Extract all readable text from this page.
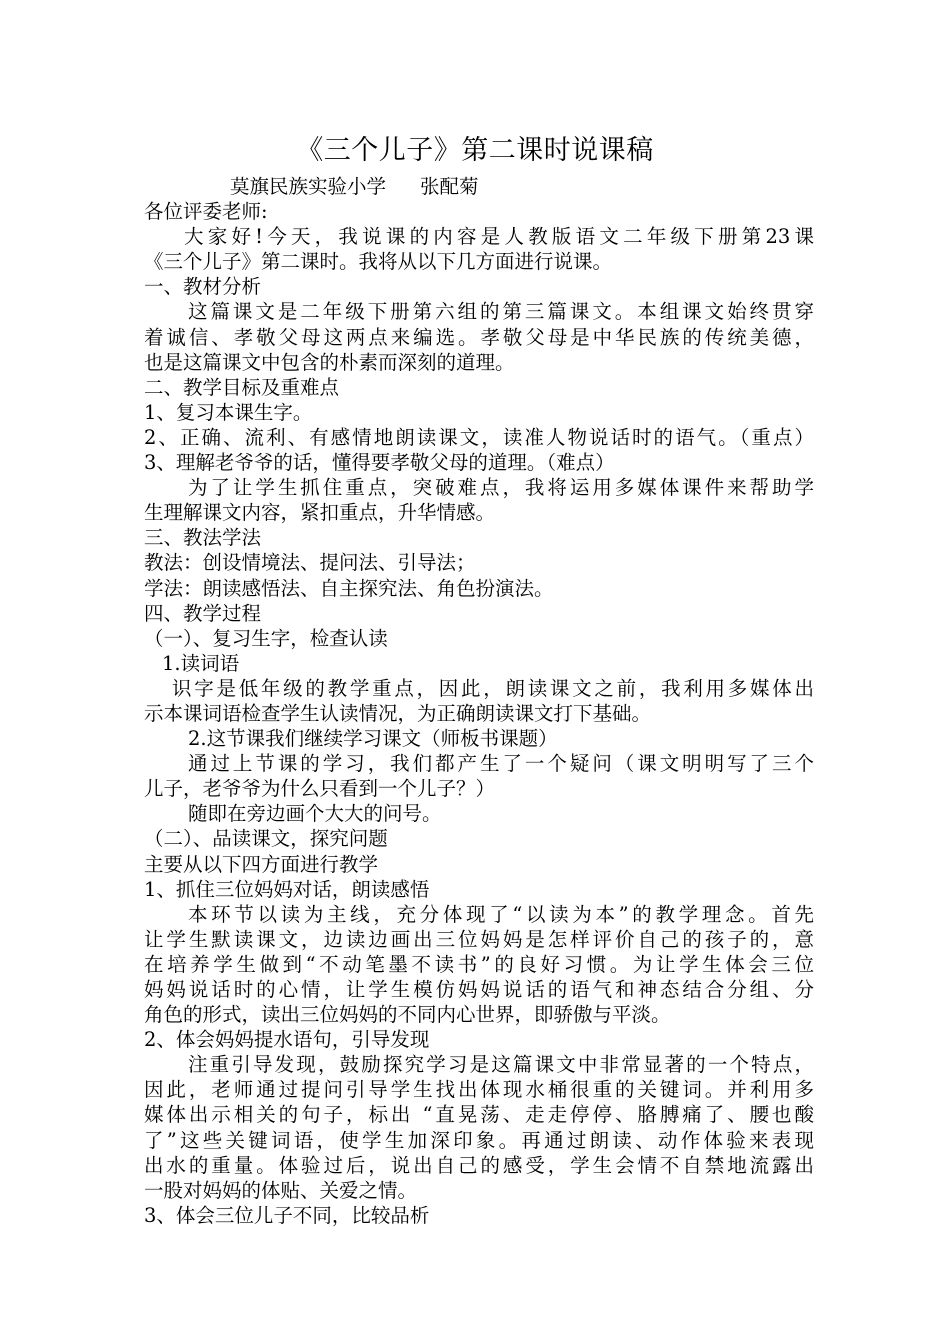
《三个儿子》第二课时说课稿
莫旗民族实验小学 张配菊
各位评委老师:
大家好!今天，我说课的内容是人教版语文二年级下册第23课
《三个儿子》第二课时。我将从以下几方面进行说课。
一、教材分析
这篇课文是二年级下册第六组的第三篇课文。本组课文始终贯穿
着诚信、孝敬父母这两点来编选。孝敬父母是中华民族的传统美德，
也是这篇课文中包含的朴素而深刻的道理。
二、教学目标及重难点
1、复习本课生字。
2、正确、流利、有感情地朗读课文，读准人物说话时的语气。（重点）
3、理解老爷爷的话，懂得要孝敬父母的道理。（难点）
为了让学生抓住重点，突破难点，我将运用多媒体课件来帮助学
生理解课文内容，紧扣重点，升华情感。
三、教法学法
教法：创设情境法、提问法、引导法；
学法：朗读感悟法、自主探究法、角色扮演法。
四、教学过程
（一）、复习生字，检查认读
1.读词语
识字是低年级的教学重点，因此，朗读课文之前，我利用多媒体出
示本课词语检查学生认读情况，为正确朗读课文打下基础。
2.这节课我们继续学习课文（师板书课题）
通过上节课的学习，我们都产生了一个疑问（课文明明写了三个
儿子，老爷爷为什么只看到一个儿子？）
随即在旁边画个大大的问号。
（二）、品读课文，探究问题
主要从以下四方面进行教学
1、抓住三位妈妈对话，朗读感悟
本环节以读为主线，充分体现了“以读为本”的教学理念。首先
让学生默读课文，边读边画出三位妈妈是怎样评价自己的孩子的，意
在培养学生做到“不动笔墨不读书”的良好习惯。为让学生体会三位
妈妈说话时的心情，让学生模仿妈妈说话的语气和神态结合分组、分
角色的形式，读出三位妈妈的不同内心世界，即骄傲与平淡。
2、体会妈妈提水语句，引导发现
注重引导发现，鼓励探究学习是这篇课文中非常显著的一个特点，
因此，老师通过提问引导学生找出体现水桶很重的关键词。并利用多
媒体出示相关的句子，标出 “直晃荡、走走停停、胳膊痛了、腰也酸
了”这些关键词语，使学生加深印象。再通过朗读、动作体验来表现
出水的重量。体验过后，说出自己的感受，学生会情不自禁地流露出
一股对妈妈的体贴、关爱之情。
3、体会三位儿子不同，比较品析
